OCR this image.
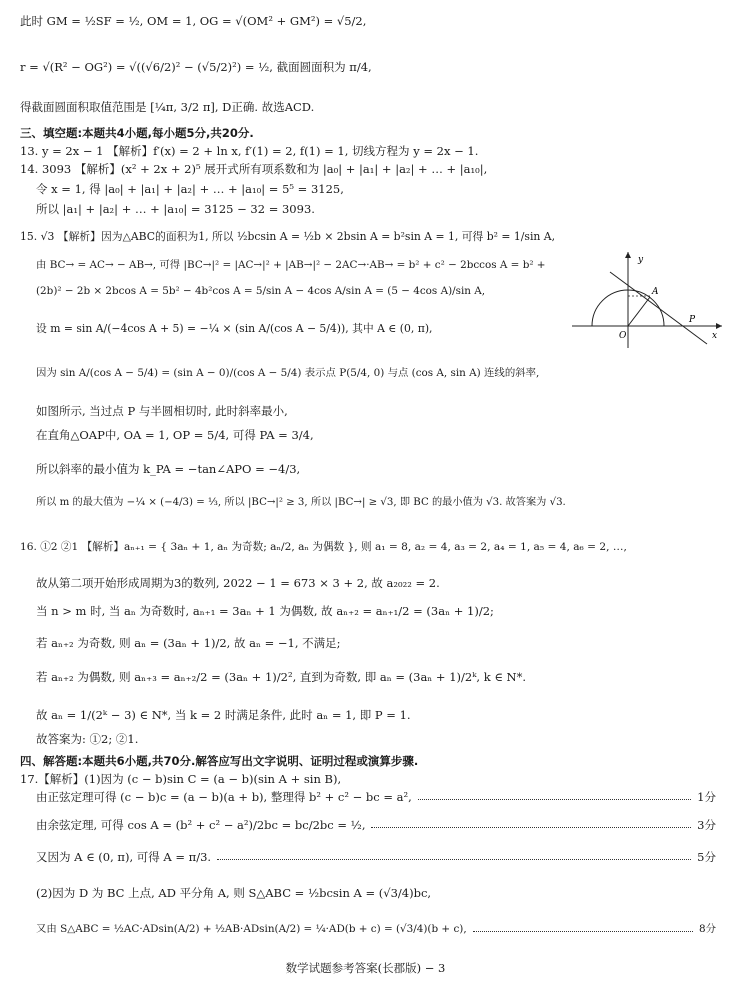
此时 GM = ½SF = ½, OM = 1, OG = √(OM² + GM²) = √5/2,
r = √(R² − OG²) = √((√6/2)² − (√5/2)²) = ½, 截面圆面积为 π/4,
得截面圆面积取值范围是 [¼π, 3/2 π], D正确. 故选ACD.
三、填空题:本题共4小题,每小题5分,共20分.
13. y = 2x − 1 【解析】f′(x) = 2 + ln x, f′(1) = 2, f(1) = 1, 切线方程为 y = 2x − 1.
14. 3093 【解析】(x² + 2x + 2)⁵ 展开式所有项系数和为 |a₀| + |a₁| + |a₂| + … + |a₁₀|,
令 x = 1, 得 |a₀| + |a₁| + |a₂| + … + |a₁₀| = 5⁵ = 3125,
所以 |a₁| + |a₂| + … + |a₁₀| = 3125 − 32 = 3093.
15. √3 【解析】因为△ABC的面积为1, 所以 ½bcsin A = ½b × 2bsin A = b²sin A = 1, 可得 b² = 1/sin A,
由 BC→ = AC→ − AB→, 可得 |BC→|² = |AC→|² + |AB→|² − 2AC→·AB→ = b² + c² − 2bccos A = b² +
(2b)² − 2b × 2bcos A = 5b² − 4b²cos A = 5/sin A − 4cos A/sin A = (5 − 4cos A)/sin A,
设 m = sin A/(−4cos A + 5) = −¼ × (sin A/(cos A − 5/4)), 其中 A ∈ (0, π),
因为 sin A/(cos A − 5/4) = (sin A − 0)/(cos A − 5/4) 表示点 P(5/4, 0) 与点 (cos A, sin A) 连线的斜率,
如图所示, 当过点 P 与半圆相切时, 此时斜率最小,
在直角△OAP中, OA = 1, OP = 5/4, 可得 PA = 3/4,
所以斜率的最小值为 k_PA = −tan∠APO = −4/3,
所以 m 的最大值为 −¼ × (−4/3) = ⅓, 所以 |BC→|² ≥ 3, 所以 |BC→| ≥ √3, 即 BC 的最小值为 √3. 故答案为 √3.
y
x
O
A
P
16. ①2 ②1 【解析】aₙ₊₁ = { 3aₙ + 1, aₙ 为奇数; aₙ/2, aₙ 为偶数 }, 则 a₁ = 8, a₂ = 4, a₃ = 2, a₄ = 1, a₅ = 4, a₆ = 2, …,
故从第二项开始形成周期为3的数列, 2022 − 1 = 673 × 3 + 2, 故 a₂₀₂₂ = 2.
当 n > m 时, 当 aₙ 为奇数时, aₙ₊₁ = 3aₙ + 1 为偶数, 故 aₙ₊₂ = aₙ₊₁/2 = (3aₙ + 1)/2;
若 aₙ₊₂ 为奇数, 则 aₙ = (3aₙ + 1)/2, 故 aₙ = −1, 不满足;
若 aₙ₊₂ 为偶数, 则 aₙ₊₃ = aₙ₊₂/2 = (3aₙ + 1)/2², 直到为奇数, 即 aₙ = (3aₙ + 1)/2ᵏ, k ∈ N*.
故 aₙ = 1/(2ᵏ − 3) ∈ N*, 当 k = 2 时满足条件, 此时 aₙ = 1, 即 P = 1.
故答案为: ①2; ②1.
四、解答题:本题共6小题,共70分.解答应写出文字说明、证明过程或演算步骤.
17.【解析】(1)因为 (c − b)sin C = (a − b)(sin A + sin B),
由正弦定理可得 (c − b)c = (a − b)(a + b), 整理得 b² + c² − bc = a²,	1分
由余弦定理, 可得 cos A = (b² + c² − a²)/2bc = bc/2bc = ½,	3分
又因为 A ∈ (0, π), 可得 A = π/3.	5分
(2)因为 D 为 BC 上点, AD 平分角 A, 则 S△ABC = ½bcsin A = (√3/4)bc,
又由 S△ABC = ½AC·ADsin(A/2) + ½AB·ADsin(A/2) = ¼·AD(b + c) = (√3/4)(b + c),	8分
数学试题参考答案(长郡版) − 3
